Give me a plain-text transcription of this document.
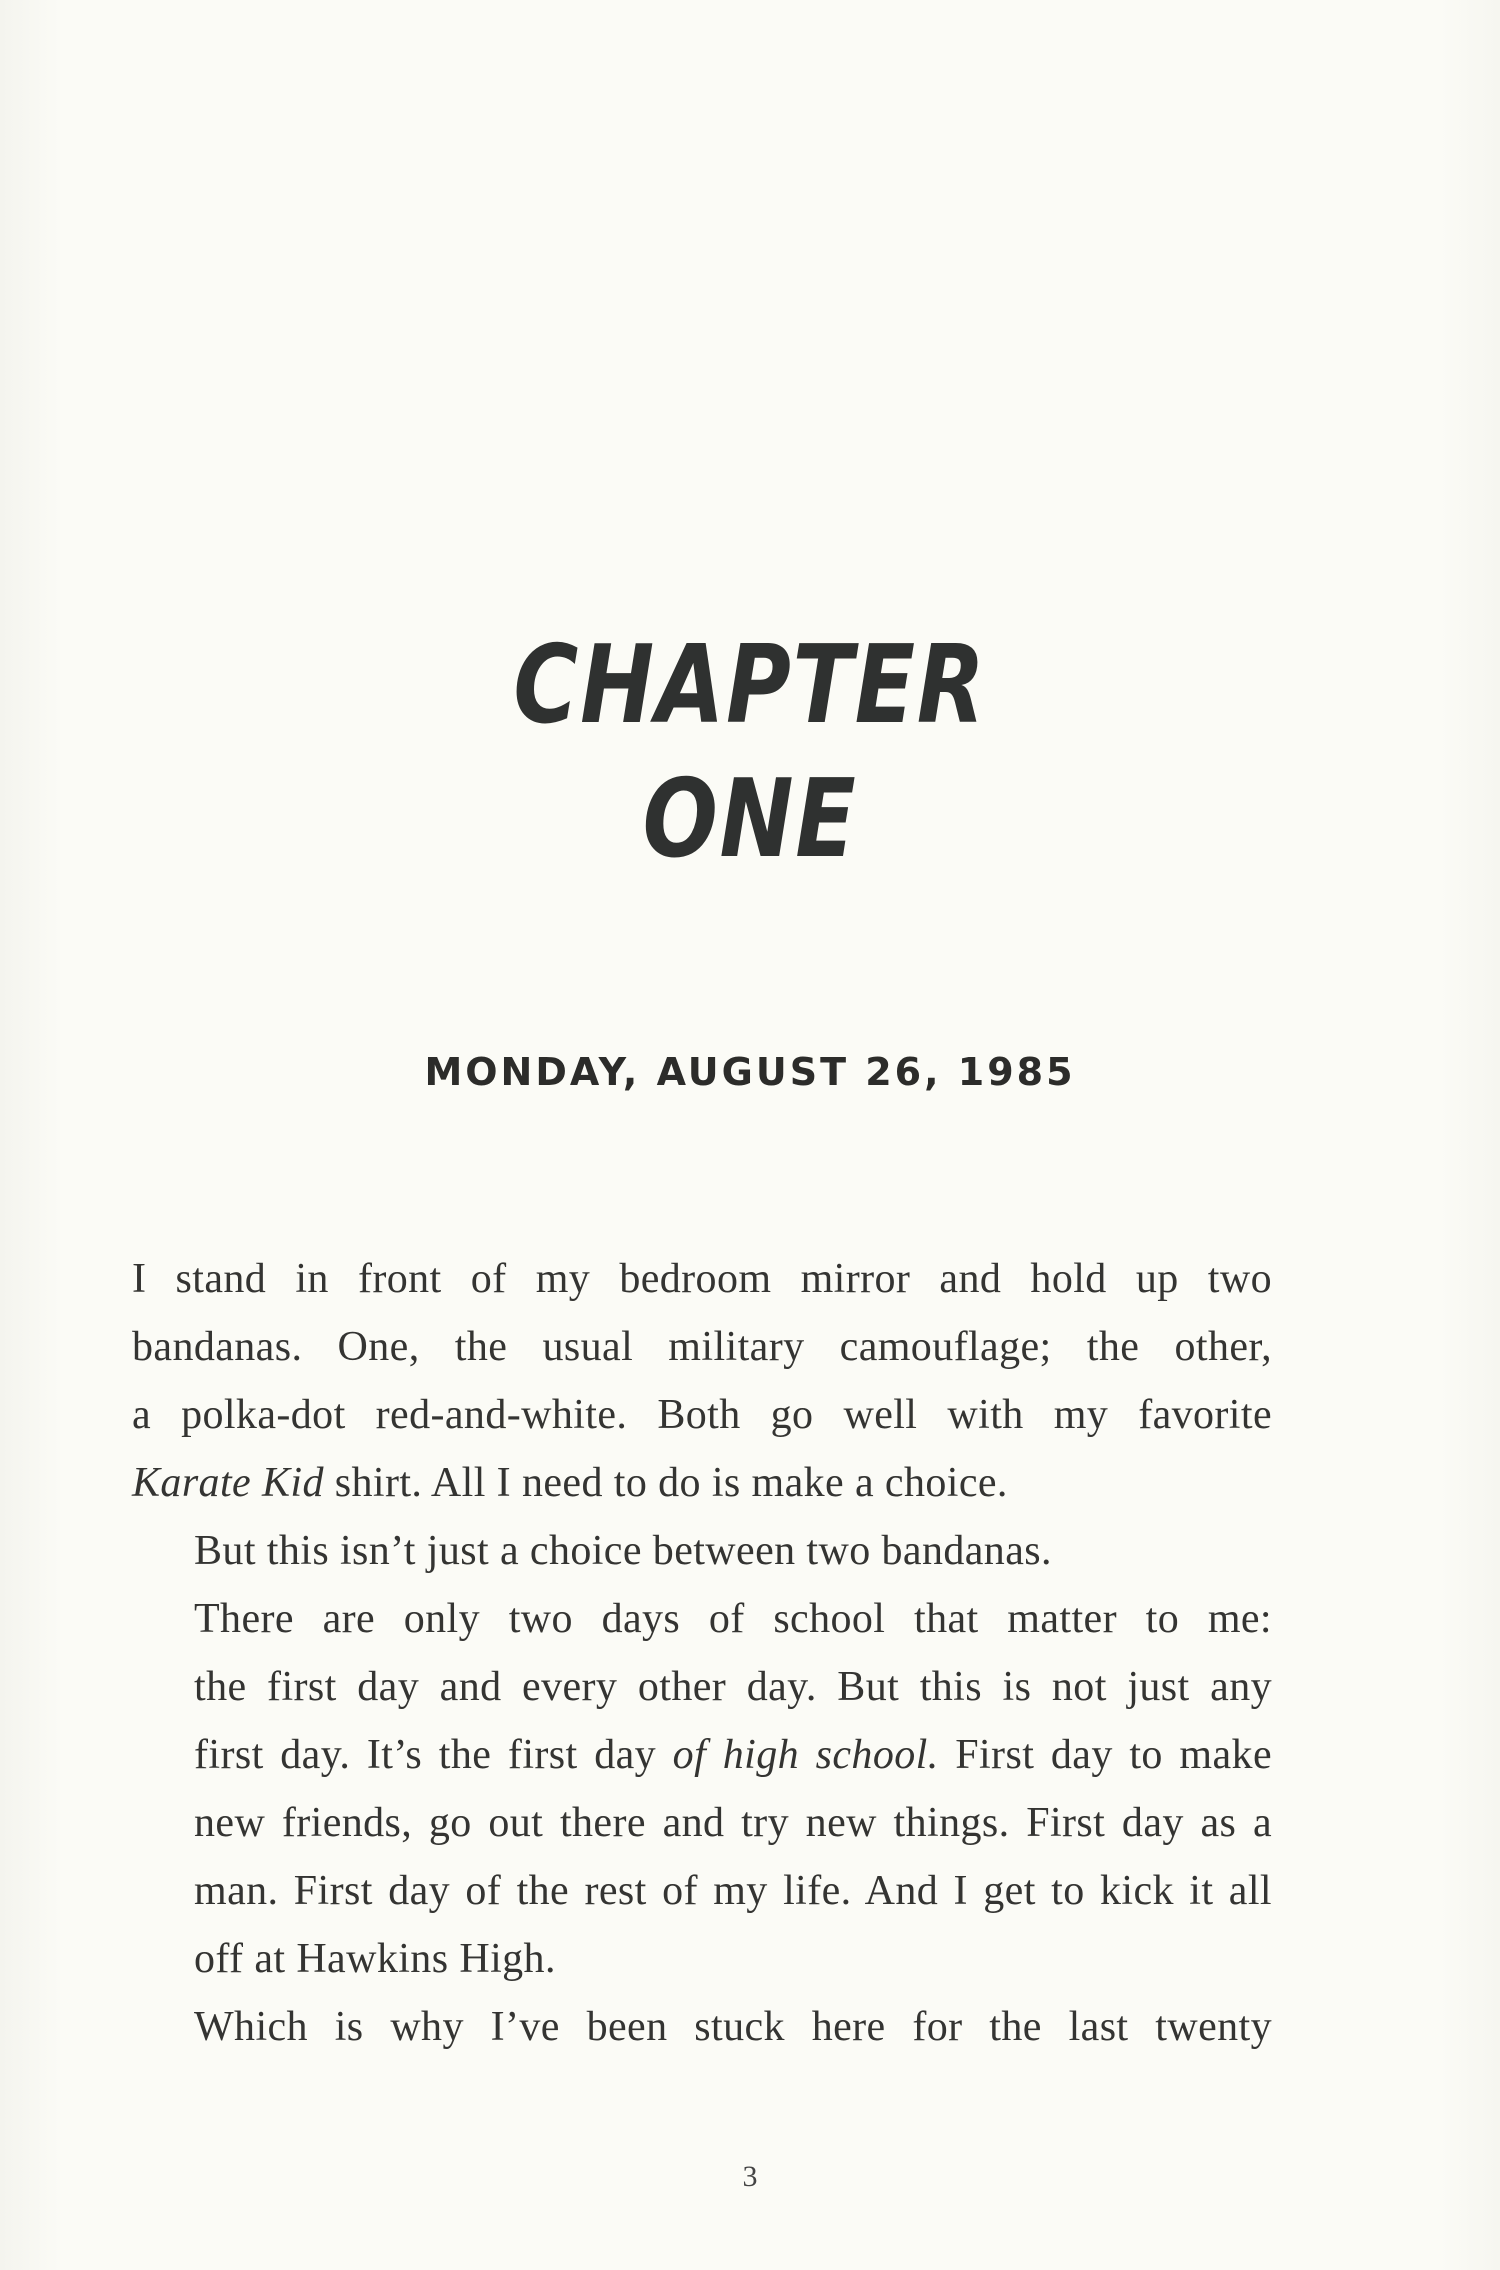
CHAPTER
ONE
MONDAY, AUGUST 26, 1985

I stand in front of my bedroom mirror and hold up two
bandanas. One, the usual military camouflage; the other,
a polka-dot red-and-white. Both go well with my favorite
Karate Kid shirt. All I need to do is make a choice.

But this isn’t just a choice between two bandanas.

There are only two days of school that matter to me:
the first day and every other day. But this is not just any
first day. It’s the first day of high school. First day to make
new friends, go out there and try new things. First day as a
man. First day of the rest of my life. And I get to kick it all
off at Hawkins High.

Which is why I’ve been stuck here for the last twenty

3
